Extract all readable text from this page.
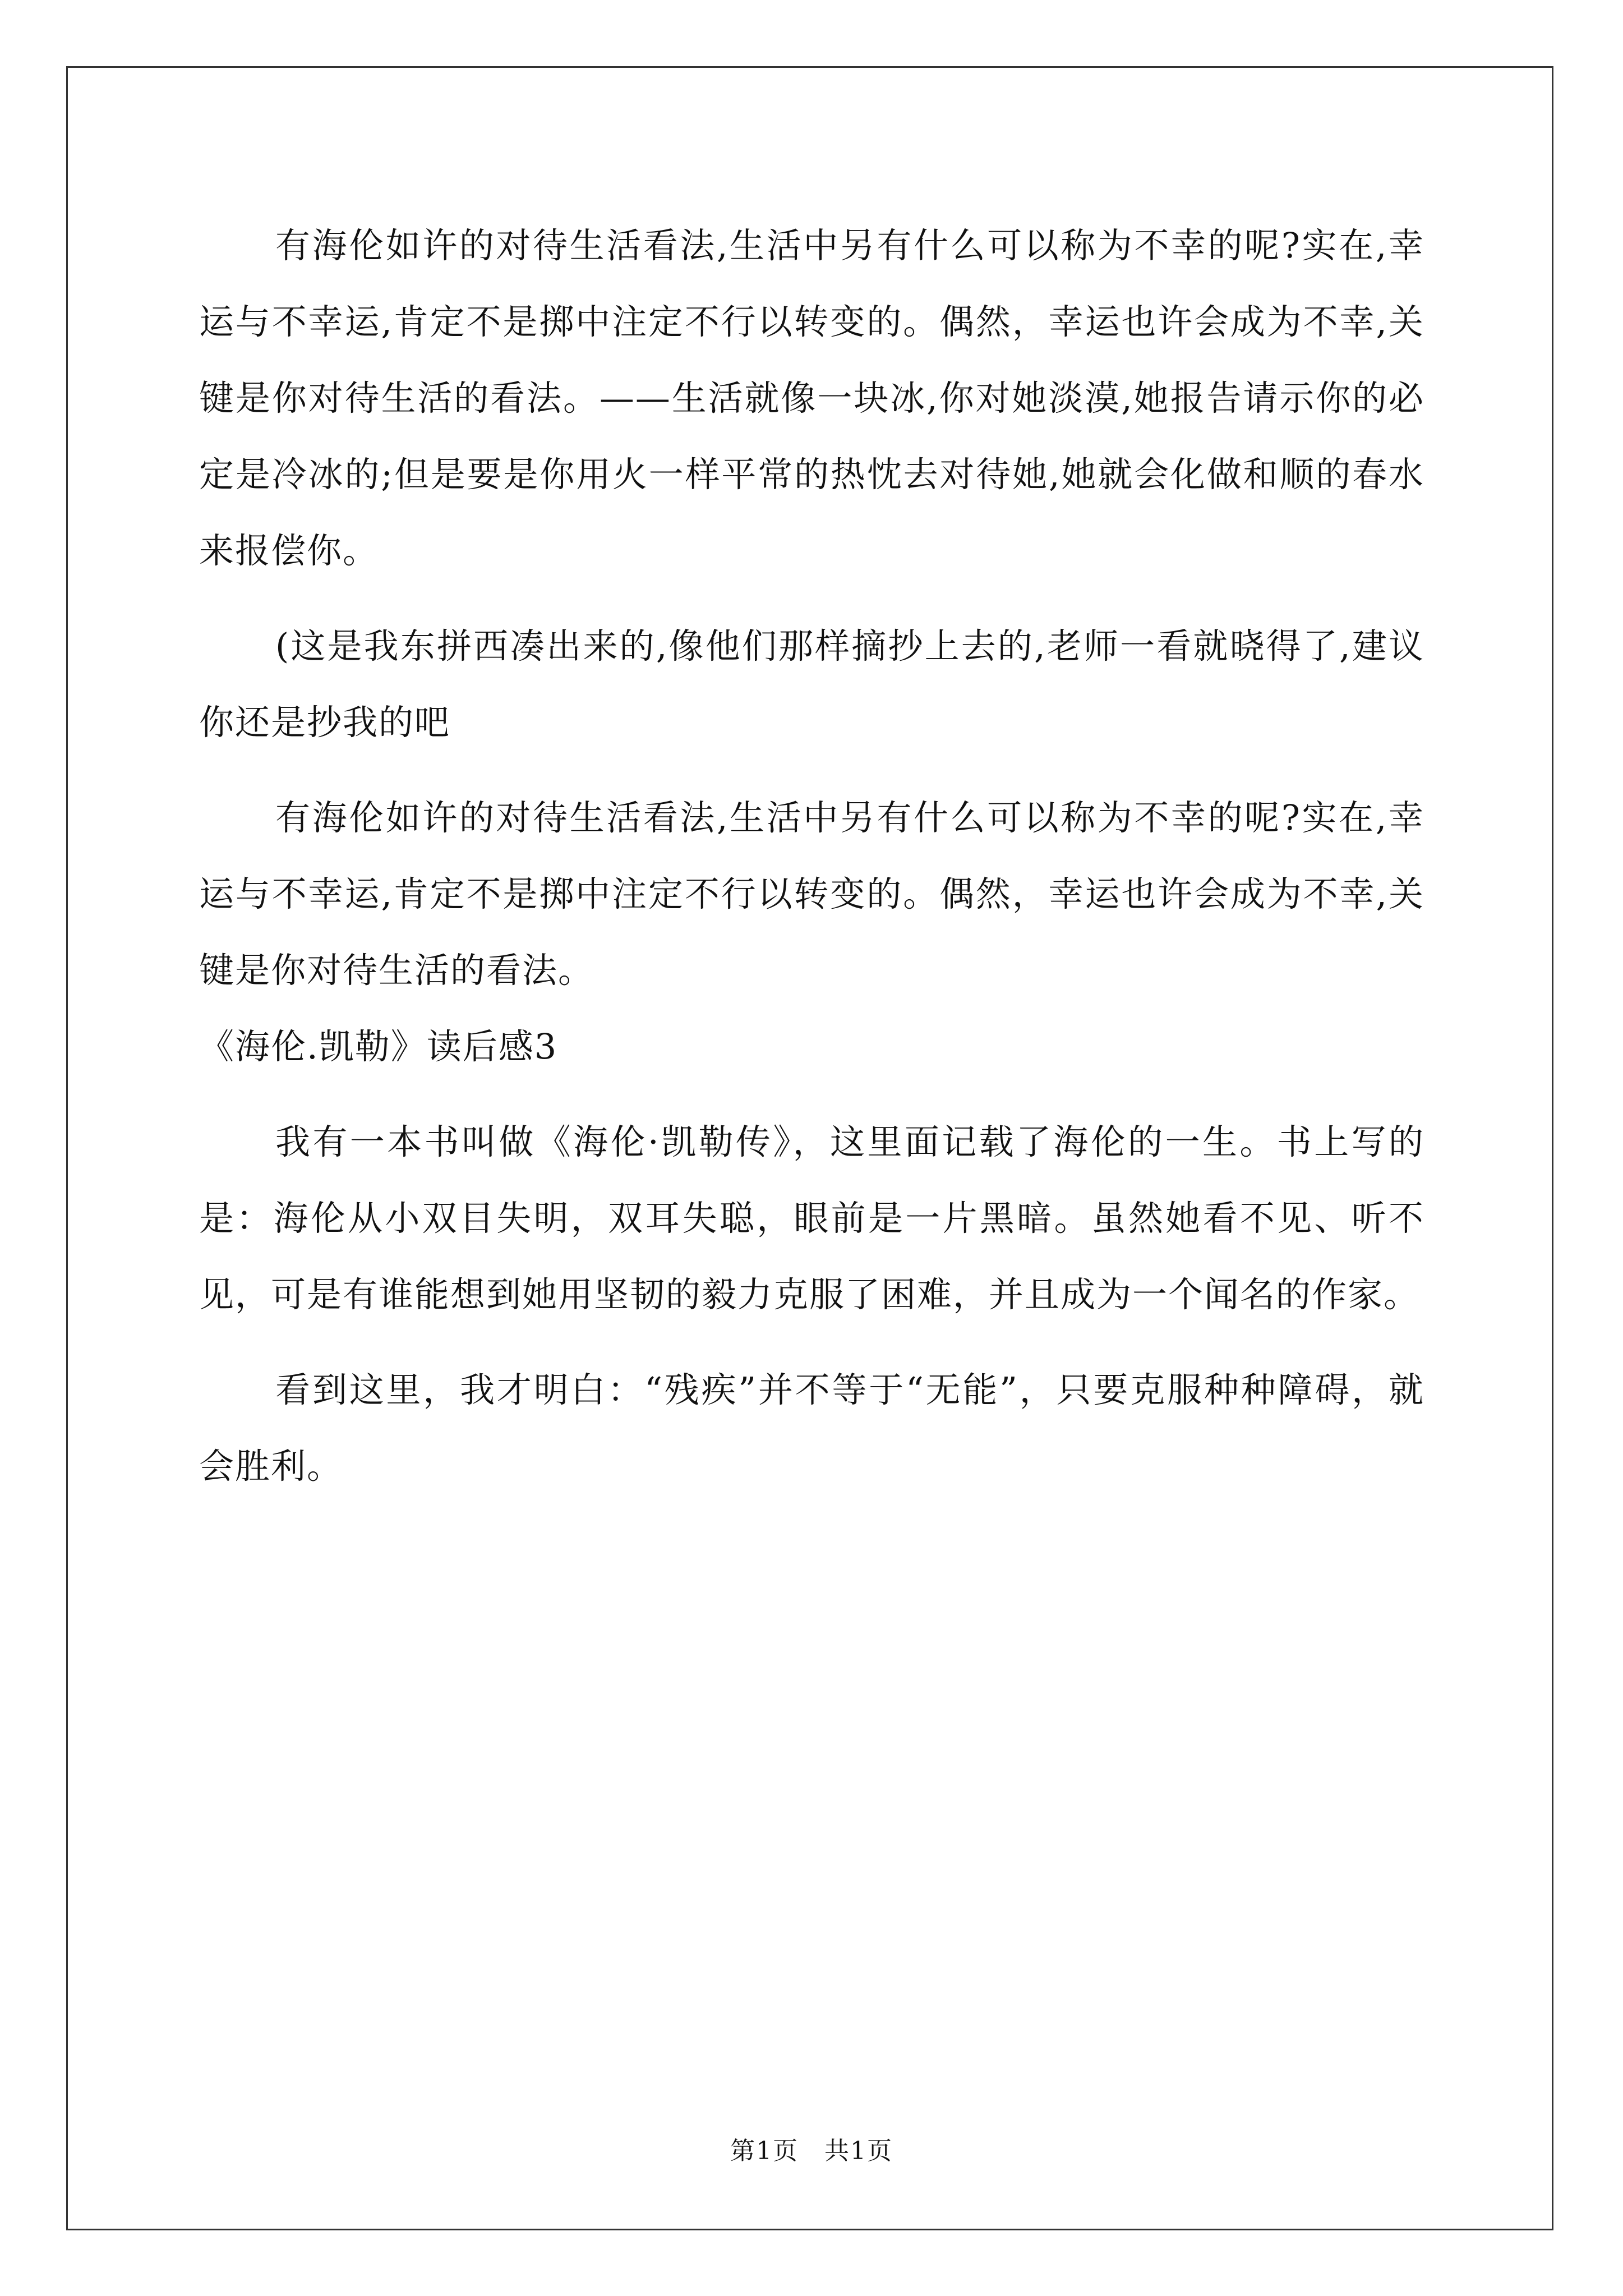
有海伦如许的对待生活看法,生活中另有什么可以称为不幸的呢?实在,幸运与不幸运,肯定不是掷中注定不行以转变的。偶然，幸运也许会成为不幸,关键是你对待生活的看法。——生活就像一块冰,你对她淡漠,她报告请示你的必定是冷冰的;但是要是你用火一样平常的热忱去对待她,她就会化做和顺的春水来报偿你。

(这是我东拼西凑出来的,像他们那样摘抄上去的,老师一看就晓得了,建议你还是抄我的吧

有海伦如许的对待生活看法,生活中另有什么可以称为不幸的呢?实在,幸运与不幸运,肯定不是掷中注定不行以转变的。偶然，幸运也许会成为不幸,关键是你对待生活的看法。

《海伦.凯勒》读后感3

我有一本书叫做《海伦·凯勒传》，这里面记载了海伦的一生。书上写的是：海伦从小双目失明，双耳失聪，眼前是一片黑暗。虽然她看不见、听不见，可是有谁能想到她用坚韧的毅力克服了困难，并且成为一个闻名的作家。

看到这里，我才明白：“残疾”并不等于“无能”，只要克服种种障碍，就会胜利。

第1页　共1页
